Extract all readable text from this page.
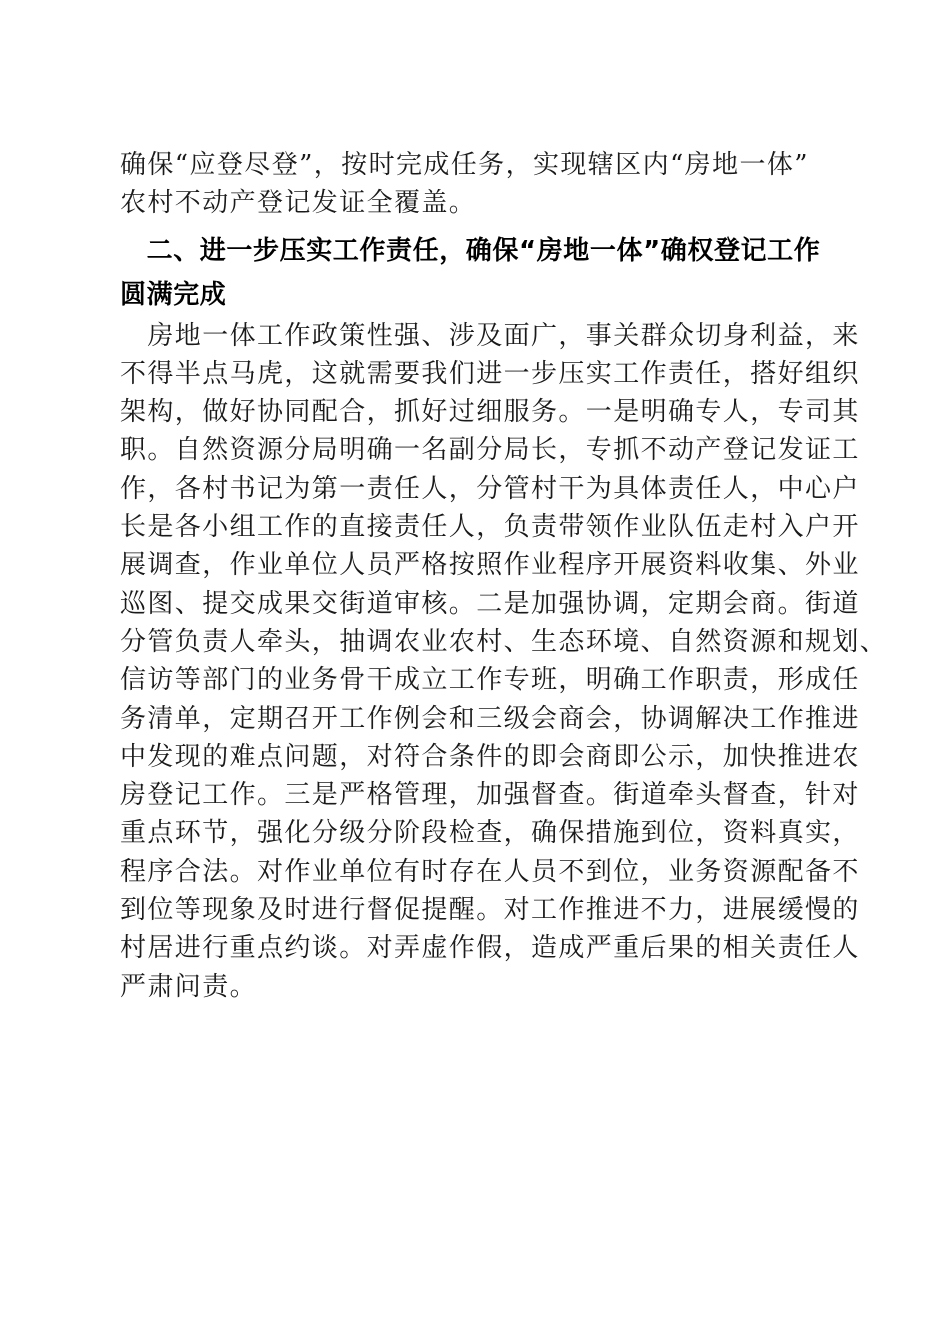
确保“应登尽登”，按时完成任务，实现辖区内“房地一体”
农村不动产登记发证全覆盖。
　二、进一步压实工作责任，确保“房地一体”确权登记工作
圆满完成
　房地一体工作政策性强、涉及面广，事关群众切身利益，来
不得半点马虎，这就需要我们进一步压实工作责任，搭好组织
架构，做好协同配合，抓好过细服务。一是明确专人，专司其
职。自然资源分局明确一名副分局长，专抓不动产登记发证工
作，各村书记为第一责任人，分管村干为具体责任人，中心户
长是各小组工作的直接责任人，负责带领作业队伍走村入户开
展调查，作业单位人员严格按照作业程序开展资料收集、外业
巡图、提交成果交街道审核。二是加强协调，定期会商。街道
分管负责人牵头，抽调农业农村、生态环境、自然资源和规划、
信访等部门的业务骨干成立工作专班，明确工作职责，形成任
务清单，定期召开工作例会和三级会商会，协调解决工作推进
中发现的难点问题，对符合条件的即会商即公示，加快推进农
房登记工作。三是严格管理，加强督查。街道牵头督查，针对
重点环节，强化分级分阶段检查，确保措施到位，资料真实，
程序合法。对作业单位有时存在人员不到位，业务资源配备不
到位等现象及时进行督促提醒。对工作推进不力，进展缓慢的
村居进行重点约谈。对弄虚作假，造成严重后果的相关责任人
严肃问责。
